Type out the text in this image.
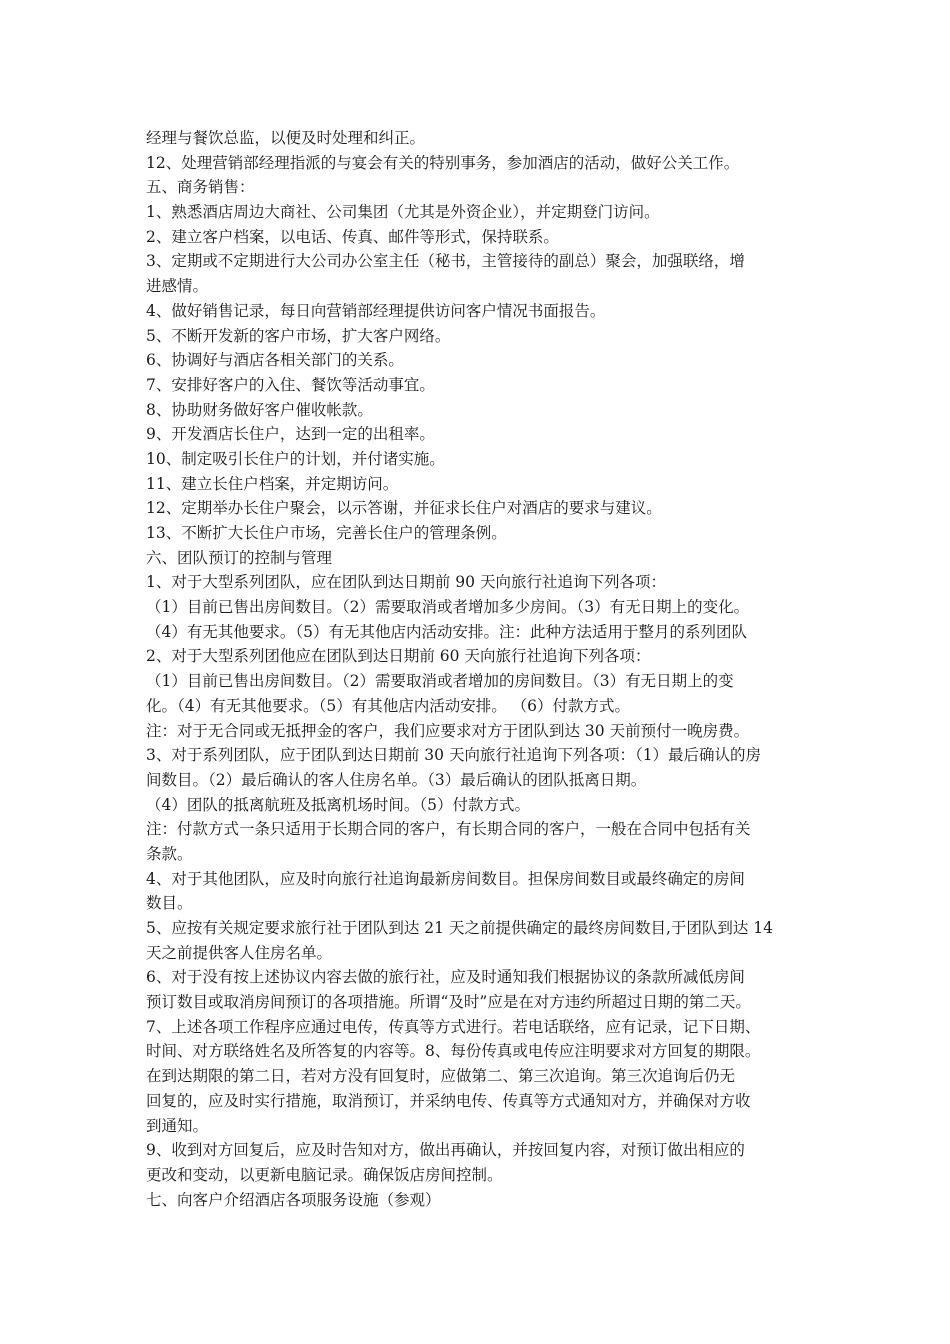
经理与餐饮总监，以便及时处理和纠正。
12、处理营销部经理指派的与宴会有关的特别事务，参加酒店的活动，做好公关工作。
五、商务销售：
1、熟悉酒店周边大商社、公司集团（尤其是外资企业），并定期登门访问。
2、建立客户档案，以电话、传真、邮件等形式，保持联系。
3、定期或不定期进行大公司办公室主任（秘书，主管接待的副总）聚会，加强联络，增
进感情。
4、做好销售记录，每日向营销部经理提供访问客户情况书面报告。
5、不断开发新的客户市场，扩大客户网络。
6、协调好与酒店各相关部门的关系。
7、安排好客户的入住、餐饮等活动事宜。
8、协助财务做好客户催收帐款。
9、开发酒店长住户，达到一定的出租率。
10、制定吸引长住户的计划，并付诸实施。
11、建立长住户档案，并定期访问。
12、定期举办长住户聚会，以示答谢，并征求长住户对酒店的要求与建议。
13、不断扩大长住户市场，完善长住户的管理条例。
六、团队预订的控制与管理
1、对于大型系列团队，应在团队到达日期前 90 天向旅行社追询下列各项：
（1）目前已售出房间数目。（2）需要取消或者增加多少房间。（3）有无日期上的变化。
（4）有无其他要求。（5）有无其他店内活动安排。注：此种方法适用于整月的系列团队
2、对于大型系列团他应在团队到达日期前 60 天向旅行社追询下列各项：
（1）目前已售出房间数目。（2）需要取消或者增加的房间数目。（3）有无日期上的变
化。（4）有无其他要求。（5）有其他店内活动安排。 （6）付款方式。
注：对于无合同或无抵押金的客户，我们应要求对方于团队到达 30 天前预付一晚房费。
3、对于系列团队，应于团队到达日期前 30 天向旅行社追询下列各项：（1）最后确认的房
间数目。（2）最后确认的客人住房名单。（3）最后确认的团队抵离日期。
（4）团队的抵离航班及抵离机场时间。（5）付款方式。
注：付款方式一条只适用于长期合同的客户，有长期合同的客户，一般在合同中包括有关
条款。
4、对于其他团队，应及时向旅行社追询最新房间数目。担保房间数目或最终确定的房间
数目。
5、应按有关规定要求旅行社于团队到达 21 天之前提供确定的最终房间数目,于团队到达 14
天之前提供客人住房名单。
6、对于没有按上述协议内容去做的旅行社，应及时通知我们根据协议的条款所减低房间
预订数目或取消房间预订的各项措施。所谓“及时”应是在对方违约所超过日期的第二天。
7、上述各项工作程序应通过电传，传真等方式进行。若电话联络，应有记录，记下日期、
时间、对方联络姓名及所答复的内容等。8、每份传真或电传应注明要求对方回复的期限。
在到达期限的第二日，若对方没有回复时，应做第二、第三次追询。第三次追询后仍无
回复的，应及时实行措施，取消预订，并采纳电传、传真等方式通知对方，并确保对方收
到通知。
9、收到对方回复后，应及时告知对方，做出再确认，并按回复内容，对预订做出相应的
更改和变动，以更新电脑记录。确保饭店房间控制。
七、向客户介绍酒店各项服务设施（参观）
